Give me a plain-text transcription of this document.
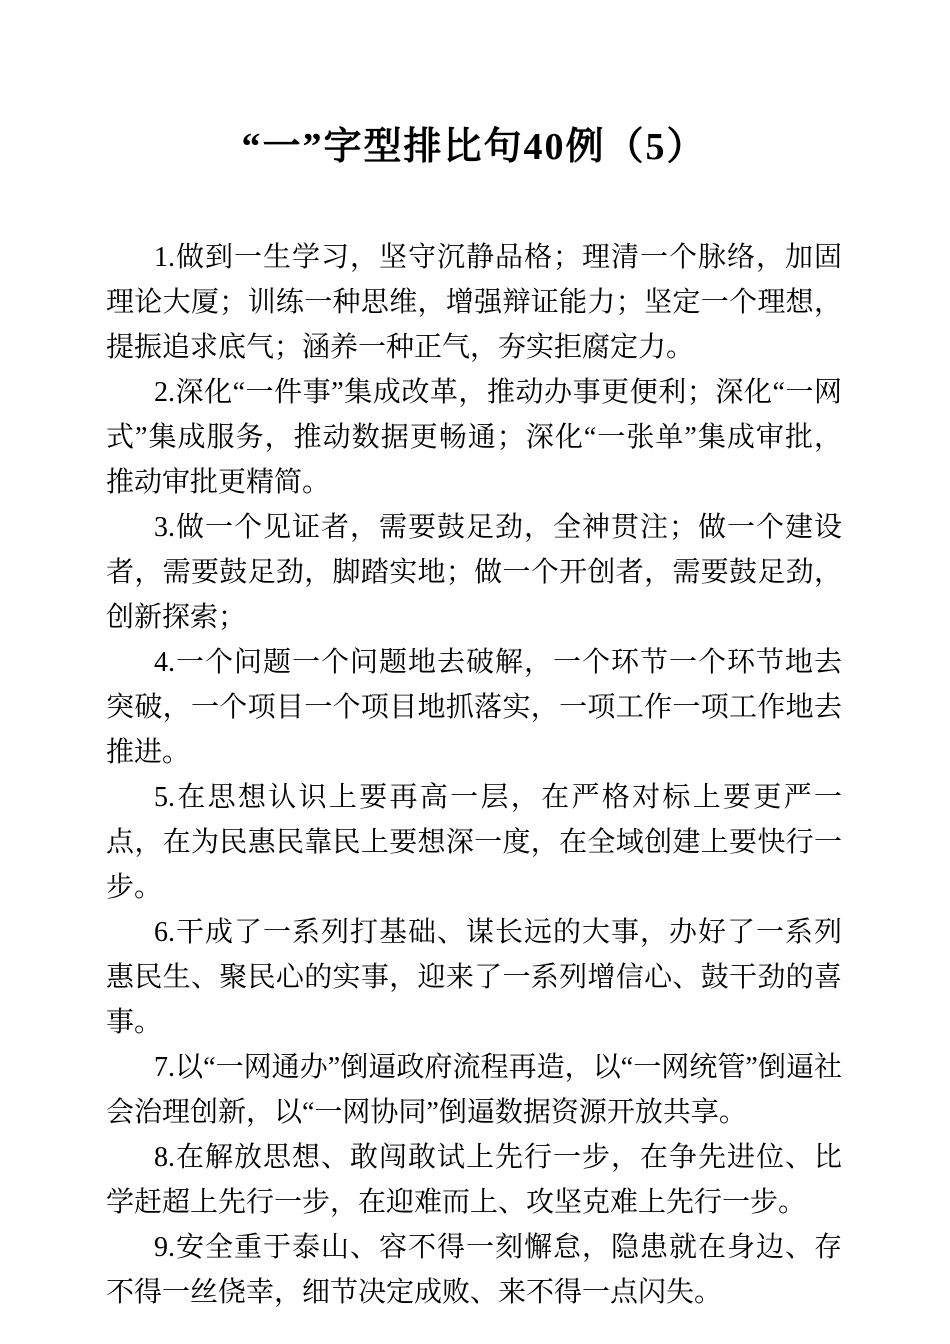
“一”字型排比句40例（5）

1.做到一生学习，坚守沉静品格；理清一个脉络，加固理论大厦；训练一种思维，增强辩证能力；坚定一个理想，提振追求底气；涵养一种正气，夯实拒腐定力。

2.深化“一件事”集成改革，推动办事更便利；深化“一网式”集成服务，推动数据更畅通；深化“一张单”集成审批，推动审批更精简。

3.做一个见证者，需要鼓足劲，全神贯注；做一个建设者，需要鼓足劲，脚踏实地；做一个开创者，需要鼓足劲，创新探索；

4.一个问题一个问题地去破解，一个环节一个环节地去突破，一个项目一个项目地抓落实，一项工作一项工作地去推进。

5.在思想认识上要再高一层，在严格对标上要更严一点，在为民惠民靠民上要想深一度，在全域创建上要快行一步。

6.干成了一系列打基础、谋长远的大事，办好了一系列惠民生、聚民心的实事，迎来了一系列增信心、鼓干劲的喜事。

7.以“一网通办”倒逼政府流程再造，以“一网统管”倒逼社会治理创新，以“一网协同”倒逼数据资源开放共享。

8.在解放思想、敢闯敢试上先行一步，在争先进位、比学赶超上先行一步，在迎难而上、攻坚克难上先行一步。

9.安全重于泰山、容不得一刻懈怠，隐患就在身边、存不得一丝侥幸，细节决定成败、来不得一点闪失。
